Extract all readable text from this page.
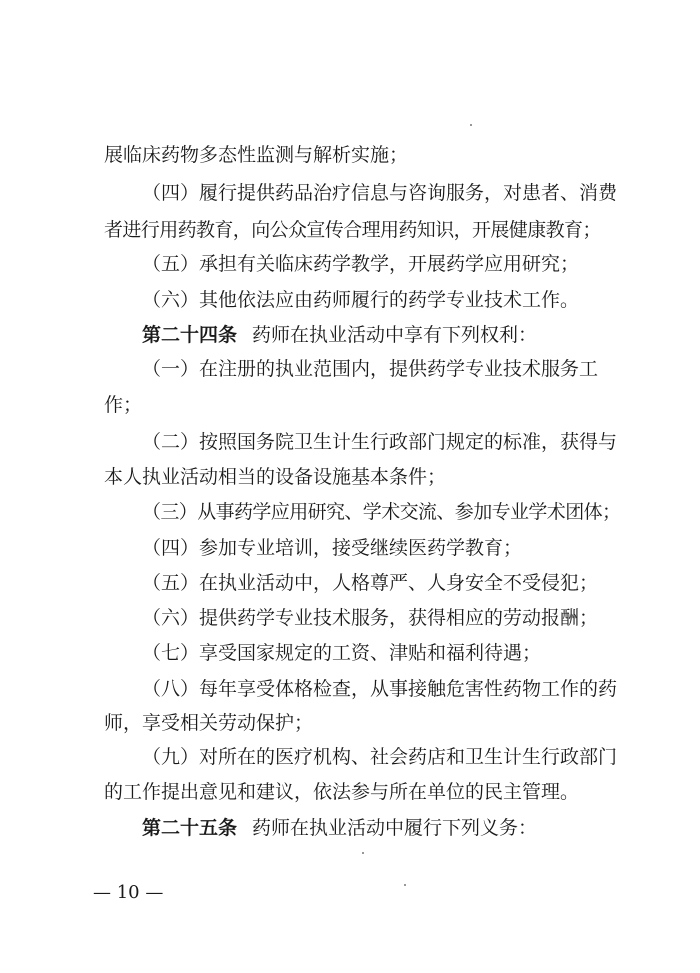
展临床药物多态性监测与解析实施；
（四）履行提供药品治疗信息与咨询服务，对患者、消费
者进行用药教育，向公众宣传合理用药知识，开展健康教育；
（五）承担有关临床药学教学，开展药学应用研究；
（六）其他依法应由药师履行的药学专业技术工作。
第二十四条 药师在执业活动中享有下列权利：
（一）在注册的执业范围内，提供药学专业技术服务工
作；
（二）按照国务院卫生计生行政部门规定的标准，获得与
本人执业活动相当的设备设施基本条件；
（三）从事药学应用研究、学术交流、参加专业学术团体；
（四）参加专业培训，接受继续医药学教育；
（五）在执业活动中，人格尊严、人身安全不受侵犯；
（六）提供药学专业技术服务，获得相应的劳动报酬；
（七）享受国家规定的工资、津贴和福利待遇；
（八）每年享受体格检查，从事接触危害性药物工作的药
师，享受相关劳动保护；
（九）对所在的医疗机构、社会药店和卫生计生行政部门
的工作提出意见和建议，依法参与所在单位的民主管理。
第二十五条 药师在执业活动中履行下列义务：
— 10 —
